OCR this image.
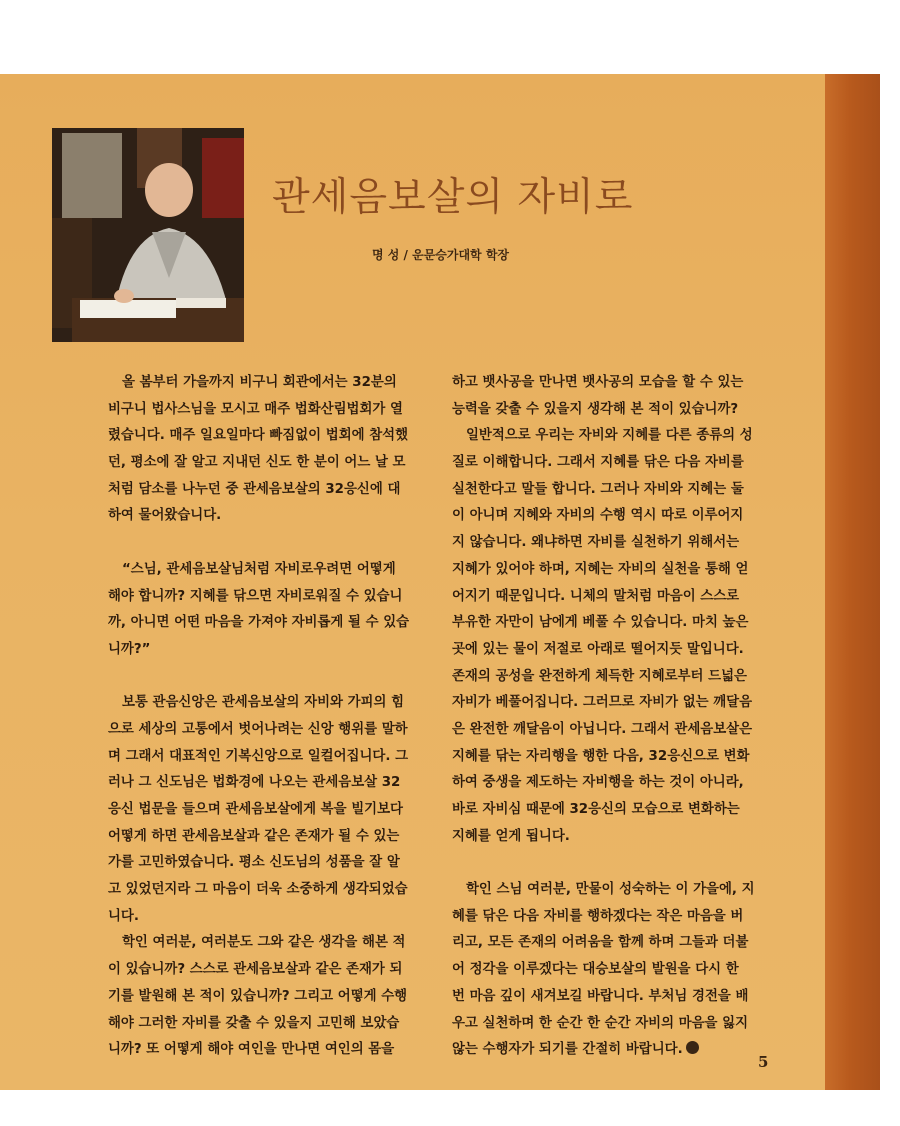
관세음보살의 자비로
명 성 / 운문승가대학 학장
올 봄부터 가을까지 비구니 회관에서는 32분의
비구니 법사스님을 모시고 매주 법화산림법회가 열
렸습니다. 매주 일요일마다 빠짐없이 법회에 참석했
던, 평소에 잘 알고 지내던 신도 한 분이 어느 날 모
처럼 담소를 나누던 중 관세음보살의 32응신에 대
하여 물어왔습니다.
“스님, 관세음보살님처럼 자비로우려면 어떻게
해야 합니까? 지혜를 닦으면 자비로워질 수 있습니
까, 아니면 어떤 마음을 가져야 자비롭게 될 수 있습
니까?”
보통 관음신앙은 관세음보살의 자비와 가피의 힘
으로 세상의 고통에서 벗어나려는 신앙 행위를 말하
며 그래서 대표적인 기복신앙으로 일컬어집니다. 그
러나 그 신도님은 법화경에 나오는 관세음보살 32
응신 법문을 들으며 관세음보살에게 복을 빌기보다
어떻게 하면 관세음보살과 같은 존재가 될 수 있는
가를 고민하였습니다. 평소 신도님의 성품을 잘 알
고 있었던지라 그 마음이 더욱 소중하게 생각되었습
니다.
학인 여러분, 여러분도 그와 같은 생각을 해본 적
이 있습니까? 스스로 관세음보살과 같은 존재가 되
기를 발원해 본 적이 있습니까? 그리고 어떻게 수행
해야 그러한 자비를 갖출 수 있을지 고민해 보았습
니까? 또 어떻게 해야 여인을 만나면 여인의 몸을
하고 뱃사공을 만나면 뱃사공의 모습을 할 수 있는
능력을 갖출 수 있을지 생각해 본 적이 있습니까?
일반적으로 우리는 자비와 지혜를 다른 종류의 성
질로 이해합니다. 그래서 지혜를 닦은 다음 자비를
실천한다고 말들 합니다. 그러나 자비와 지혜는 둘
이 아니며 지혜와 자비의 수행 역시 따로 이루어지
지 않습니다. 왜냐하면 자비를 실천하기 위해서는
지혜가 있어야 하며, 지혜는 자비의 실천을 통해 얻
어지기 때문입니다. 니체의 말처럼 마음이 스스로
부유한 자만이 남에게 베풀 수 있습니다. 마치 높은
곳에 있는 물이 저절로 아래로 떨어지듯 말입니다.
존재의 공성을 완전하게 체득한 지혜로부터 드넓은
자비가 베풀어집니다. 그러므로 자비가 없는 깨달음
은 완전한 깨달음이 아닙니다. 그래서 관세음보살은
지혜를 닦는 자리행을 행한 다음, 32응신으로 변화
하여 중생을 제도하는 자비행을 하는 것이 아니라,
바로 자비심 때문에 32응신의 모습으로 변화하는
지혜를 얻게 됩니다.
학인 스님 여러분, 만물이 성숙하는 이 가을에, 지
혜를 닦은 다음 자비를 행하겠다는 작은 마음을 버
리고, 모든 존재의 어려움을 함께 하며 그들과 더불
어 정각을 이루겠다는 대승보살의 발원을 다시 한
번 마음 깊이 새겨보길 바랍니다. 부처님 경전을 배
우고 실천하며 한 순간 한 순간 자비의 마음을 잃지
않는 수행자가 되기를 간절히 바랍니다.
5
